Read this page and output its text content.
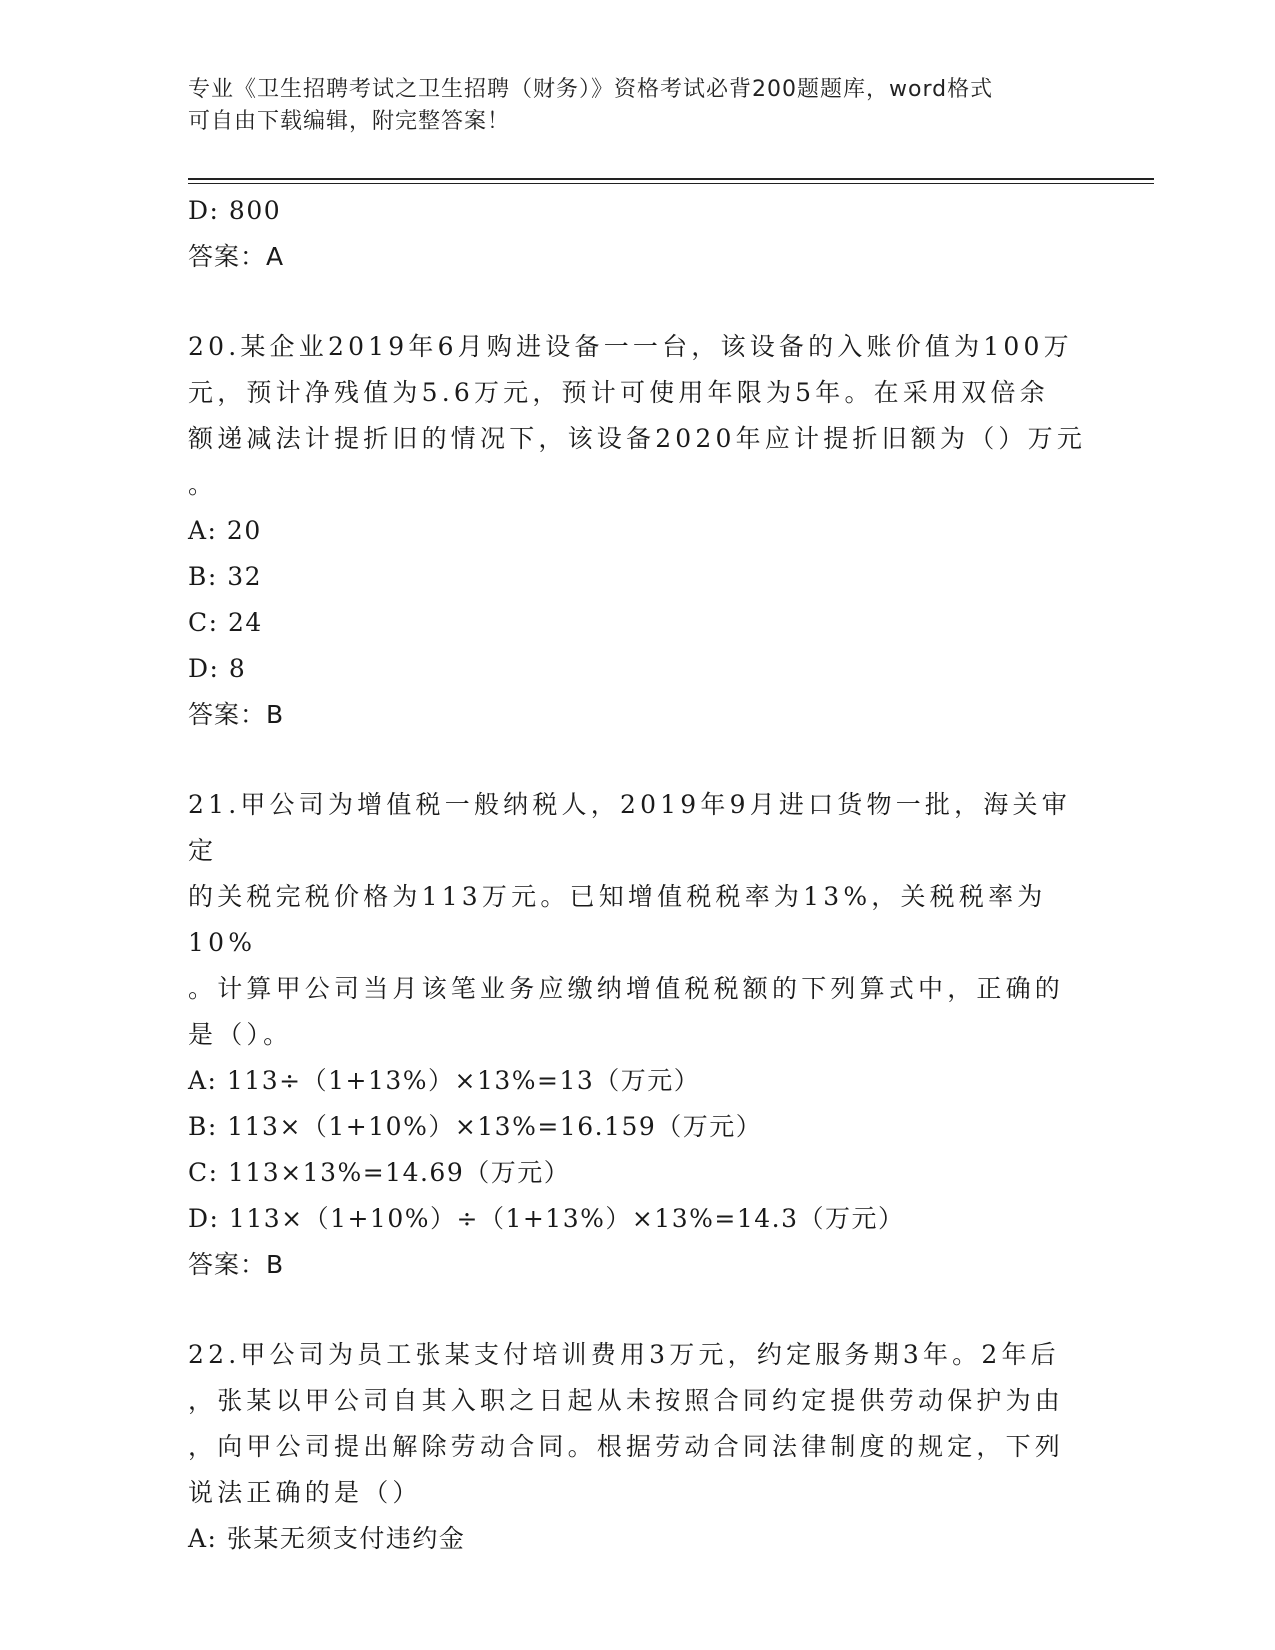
专业《卫生招聘考试之卫生招聘（财务）》资格考试必背200题题库，word格式
可自由下载编辑，附完整答案！
D: 800
答案：A
20.某企业2019年6月购进设备一一台，该设备的入账价值为100万
元，预计净残值为5.6万元，预计可使用年限为5年。在采用双倍余
额递减法计提折旧的情况下，该设备2020年应计提折旧额为（）万元
。
A: 20
B: 32
C: 24
D: 8
答案：B
21.甲公司为增值税一般纳税人，2019年9月进口货物一批，海关审定
的关税完税价格为113万元。已知增值税税率为13%，关税税率为10%
。计算甲公司当月该笔业务应缴纳增值税税额的下列算式中，正确的
是（）。
A: 113÷（1+13%）×13%=13（万元）
B: 113×（1+10%）×13%=16.159（万元）
C: 113×13%=14.69（万元）
D: 113×（1+10%）÷（1+13%）×13%=14.3（万元）
答案：B
22.甲公司为员工张某支付培训费用3万元，约定服务期3年。2年后
，张某以甲公司自其入职之日起从未按照合同约定提供劳动保护为由
，向甲公司提出解除劳动合同。根据劳动合同法律制度的规定，下列
说法正确的是（）
A: 张某无须支付违约金
